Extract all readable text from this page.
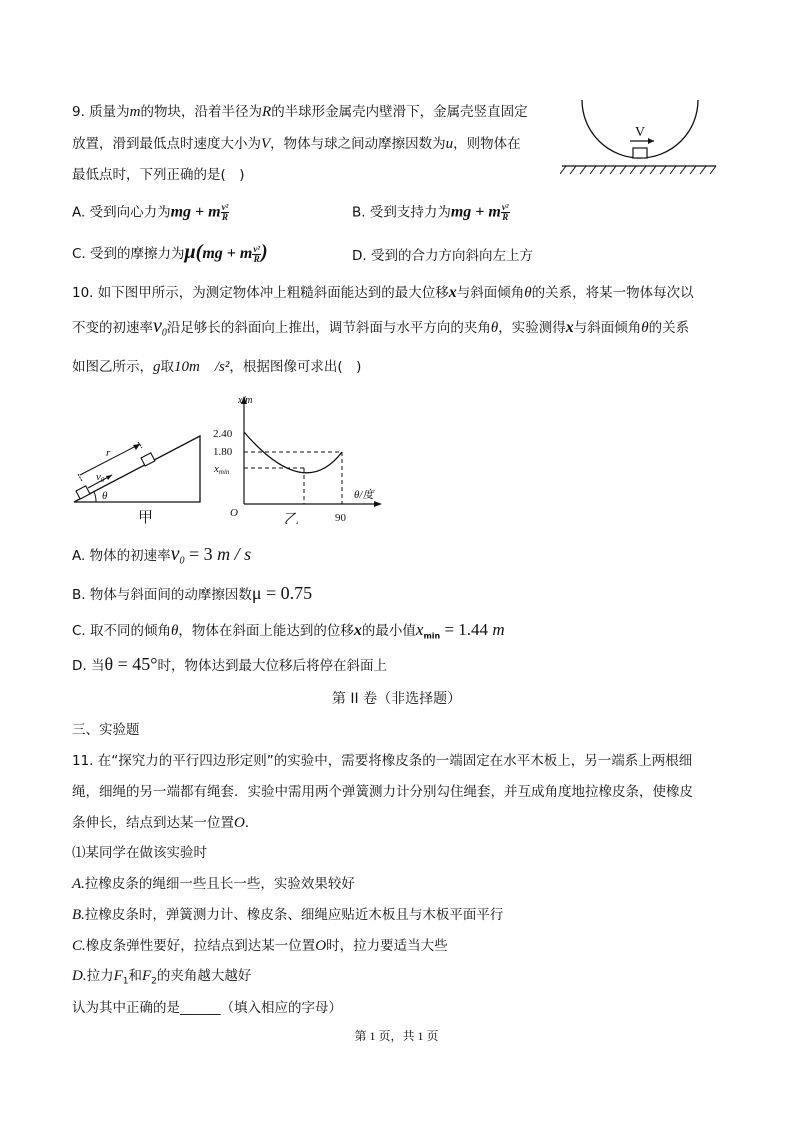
V
9. 质量为m的物块，沿着半径为R的半球形金属壳内壁滑下，金属壳竖直固定
放置，滑到最低点时速度大小为V，物体与球之间动摩擦因数为u，则物体在
最低点时，下列正确的是(　)
A. 受到向心力为mg + m $\frac{\text{v²}}{R}$	B. 受到支持力为mg + m $\frac{\text{v²}}{R}$
C. 受到的摩擦力为μ(mg + m $\frac{\text{v²}}{R}$ )	D. 受到的合力方向斜向左上方
10. 如下图甲所示，为测定物体冲上粗糙斜面能达到的最大位移x与斜面倾角θ的关系，将某一物体每次以
不变的初速率$v_0$沿足够长的斜面向上推出，调节斜面与水平方向的夹角θ，实验测得x与斜面倾角θ的关系
如图乙所示，g取10m　/s²，根据图像可求出(　)
r
v0
θ
甲
x/m
2.40
1.80
xmin
θ/度
O	90
乙
A. 物体的初速率$v_0 = 3$ m / s
B. 物体与斜面间的动摩擦因数μ = 0.75
C. 取不同的倾角θ，物体在斜面上能达到的位移x的最小值$x_{min} = 1.44$ m
D. 当θ = 45°时，物体达到最大位移后将停在斜面上
第 II 卷（非选择题）
三、实验题
11. 在“探究力的平行四边形定则”的实验中，需要将橡皮条的一端固定在水平木板上，另一端系上两根细
绳，细绳的另一端都有绳套．实验中需用两个弹簧测力计分别勾住绳套，并互成角度地拉橡皮条，使橡皮
条伸长，结点到达某一位置O．
⑴某同学在做该实验时
A.拉橡皮条的绳细一些且长一些，实验效果较好
B.拉橡皮条时，弹簧测力计、橡皮条、细绳应贴近木板且与木板平面平行
C.橡皮条弹性要好，拉结点到达某一位置O时，拉力要适当大些
D.拉力$F_1$和$F_2$的夹角越大越好
认为其中正确的是______（填入相应的字母）
第 1 页，共 1 页
